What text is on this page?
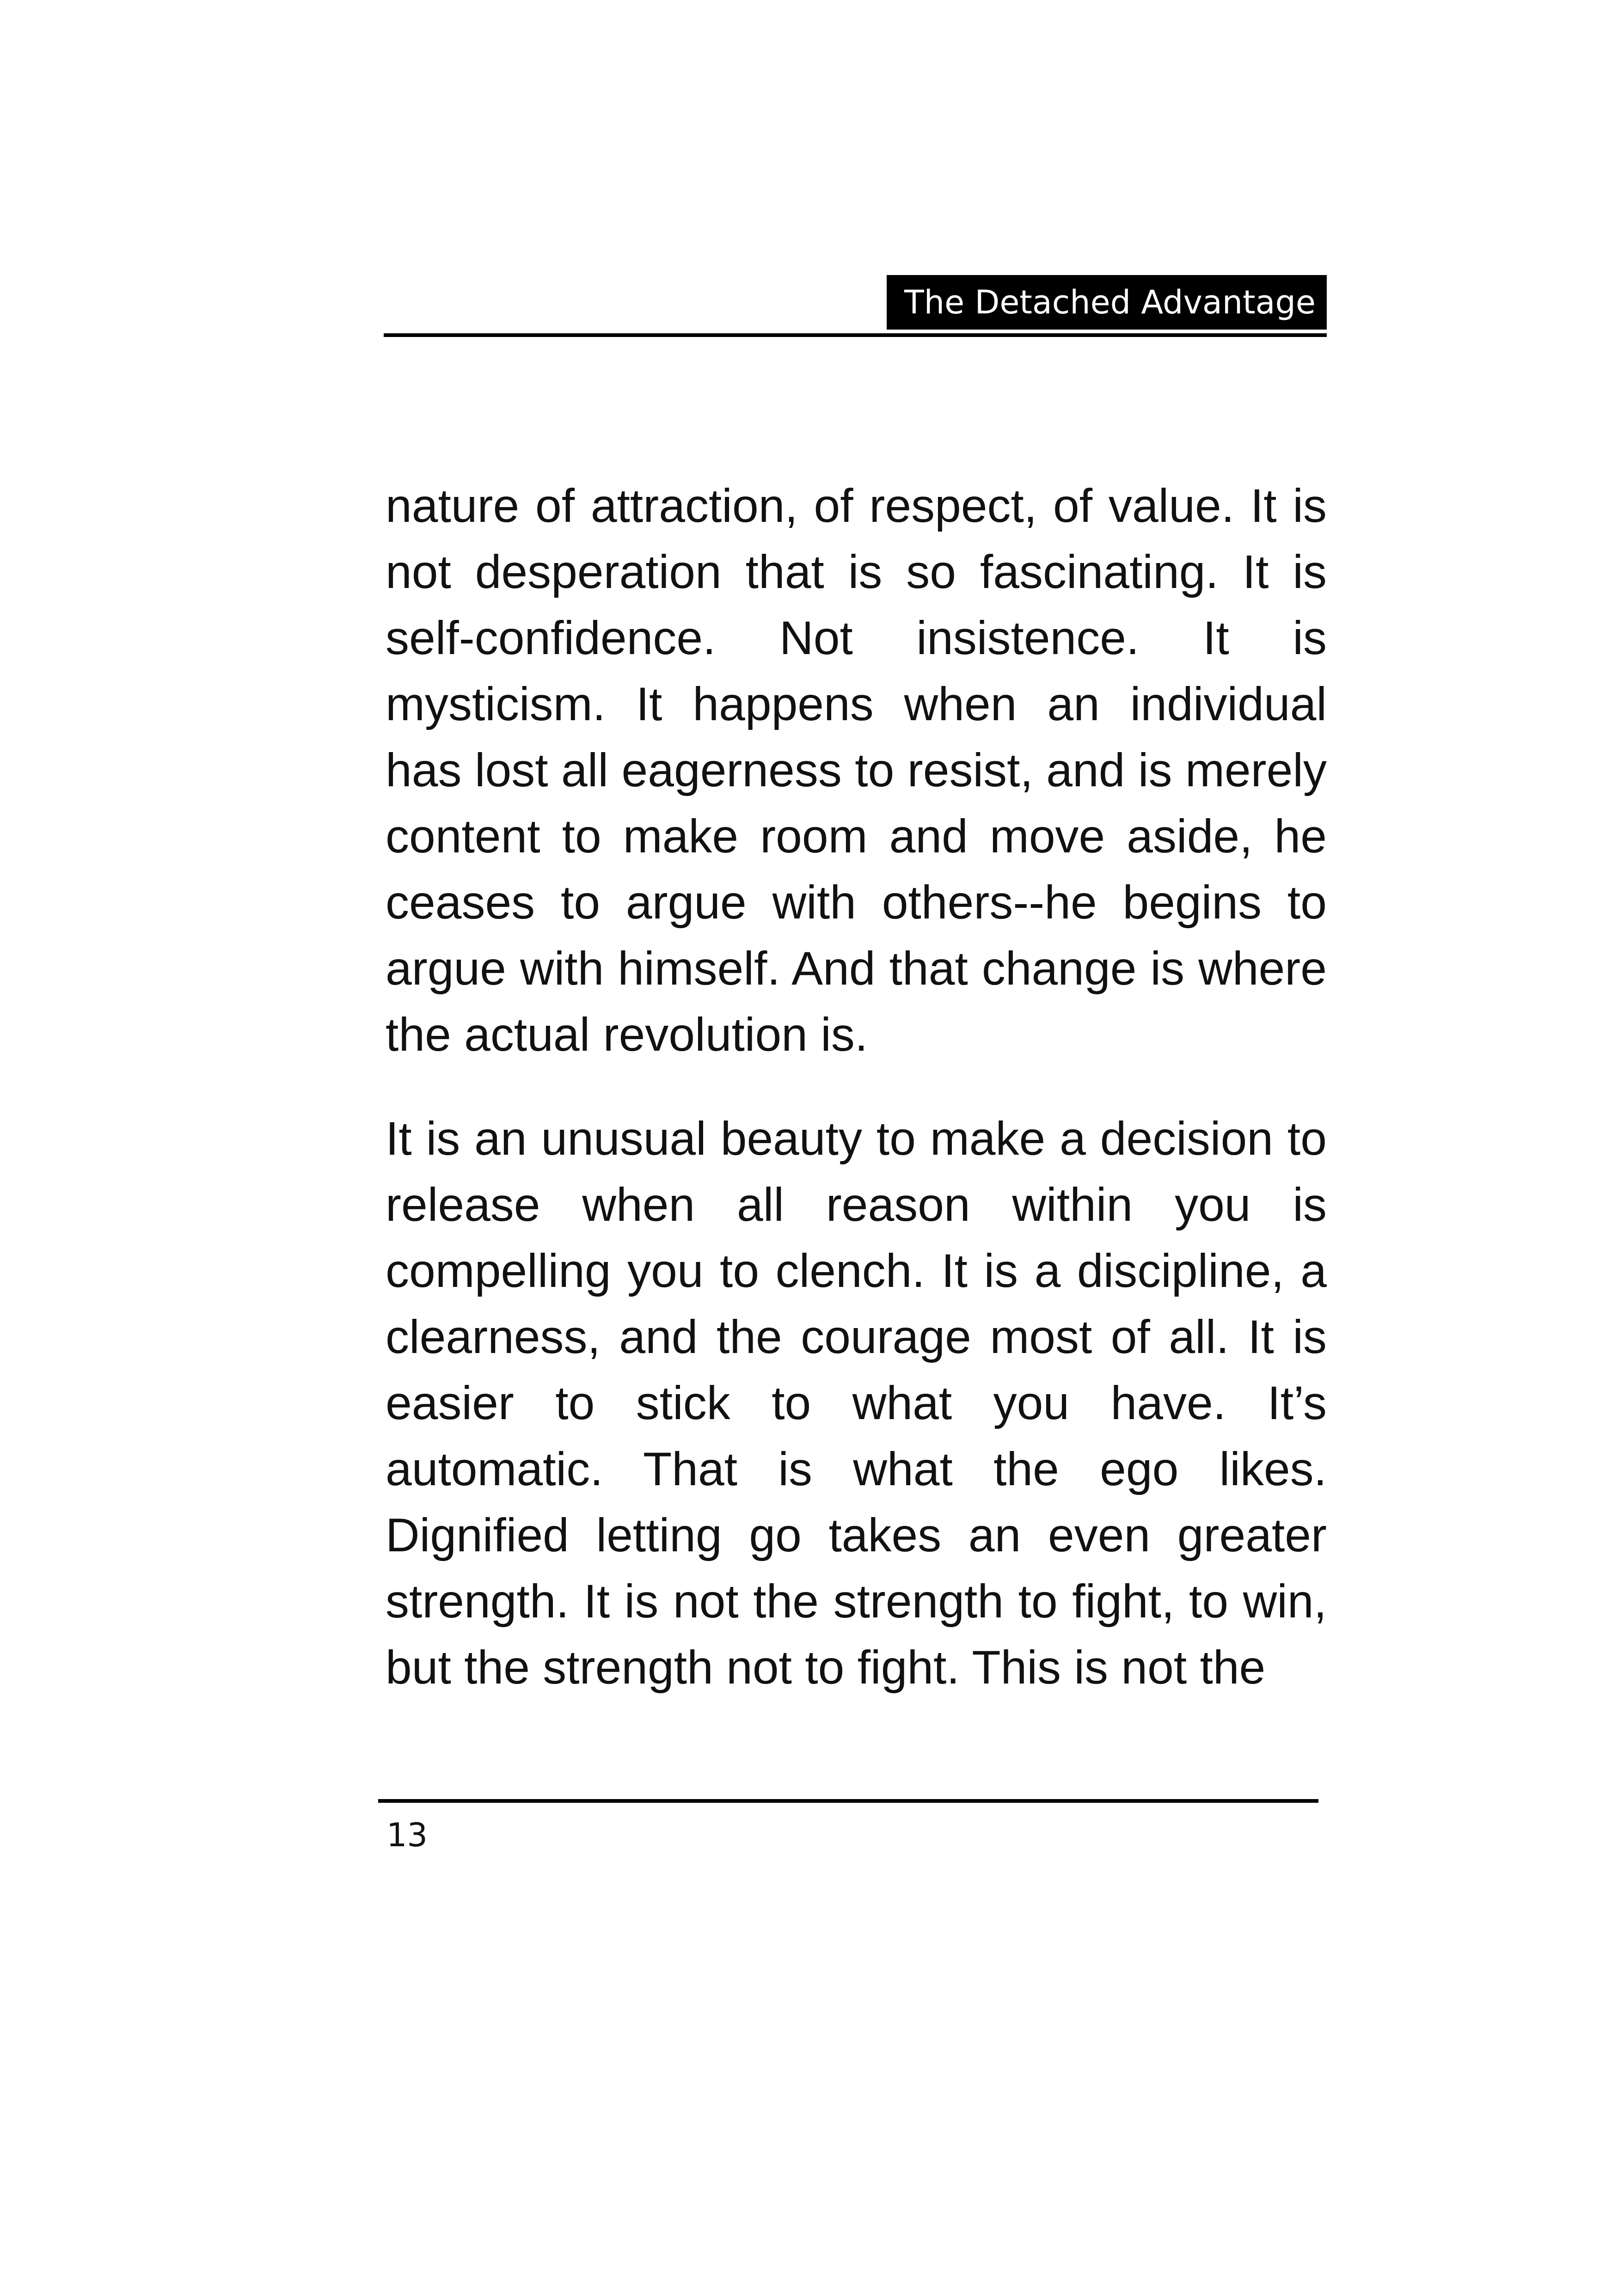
The Detached Advantage

nature of attraction, of respect, of value. It is not desperation that is so fascinating. It is self-confidence. Not insistence. It is mysticism. It happens when an individual has lost all eagerness to resist, and is merely content to make room and move aside, he ceases to argue with others--he begins to argue with himself. And that change is where the actual revolution is.

It is an unusual beauty to make a decision to release when all reason within you is compelling you to clench. It is a discipline, a clearness, and the courage most of all. It is easier to stick to what you have. It’s automatic. That is what the ego likes. Dignified letting go takes an even greater strength. It is not the strength to fight, to win, but the strength not to fight. This is not the

13
